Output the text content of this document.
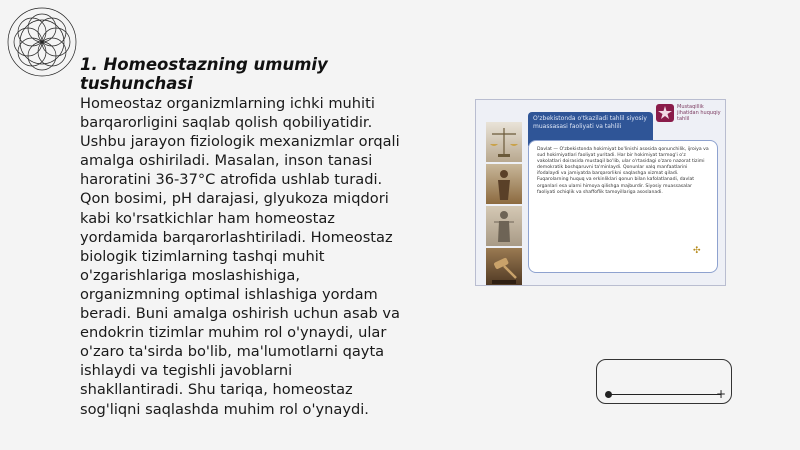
1. Homeostazning umumiy tushunchasi

Homeostaz organizmlarning ichki muhiti barqarorligini saqlab qolish qobiliyatidir. Ushbu jarayon fiziologik mexanizmlar orqali amalga oshiriladi. Masalan, inson tanasi haroratini 36-37°C atrofida ushlab turadi. Qon bosimi, pH darajasi, glyukoza miqdori kabi ko'rsatkichlar ham homeostaz yordamida barqarorlashtiriladi. Homeostaz biologik tizimlarning tashqi muhit o'zgarishlariga moslashishiga, organizmning optimal ishlashiga yordam beradi. Buni amalga oshirish uchun asab va endokrin tizimlar muhim rol o'ynaydi, ular o'zaro ta'sirda bo'lib, ma'lumotlarni qayta ishlaydi va tegishli javoblarni shakllantiradi. Shu tariqa, homeostaz sog'liqni saqlashda muhim rol o'ynaydi.

O'zbekistonda o'tkaziladi tahlil siyosiy muassasasi faoliyati va tahlili
Mustaqillik jihatidan huquqiy tahlil

Davlat — O'zbekistonda hokimiyat bo'linishi asosida qonunchilik, ijroiya va sud hokimiyatlari faoliyat yuritadi. Har bir hokimiyat tarmog'i o'z vakolatlari doirasida mustaqil bo'lib, ular o'rtasidagi o'zaro nazorat tizimi demokratik boshqaruvni ta'minlaydi. Qonunlar xalq manfaatlarini ifodalaydi va jamiyatda barqarorlikni saqlashga xizmat qiladi. Fuqarolarning huquq va erkinliklari qonun bilan kafolatlanadi, davlat organlari esa ularni himoya qilishga majburdir. Siyosiy muassasalar faoliyati ochiqlik va shaffoflik tamoyillariga asoslanadi.

✣
+
